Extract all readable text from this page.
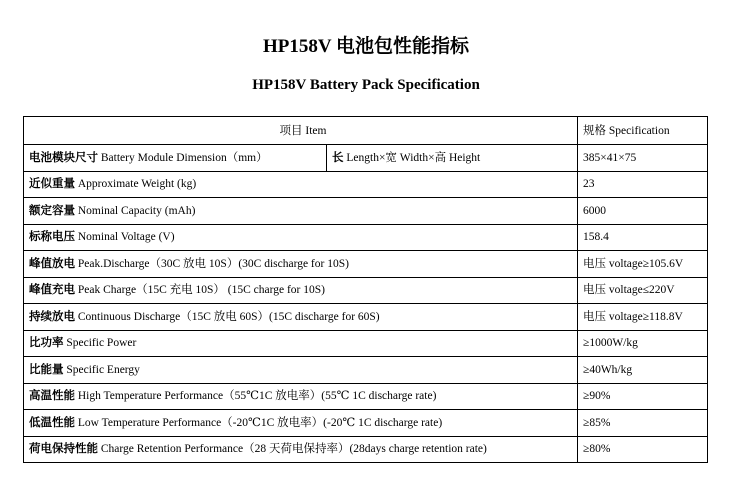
HP158V 电池包性能指标
HP158V Battery Pack Specification
项目 Item		规格 Specification
电池模块尺寸 Battery Module Dimension（mm）	长 Length×宽 Width×高 Height	385×41×75
近似重量 Approximate Weight (kg)		23
额定容量 Nominal Capacity (mAh)		6000
标称电压 Nominal Voltage (V)		158.4
峰值放电 Peak.Discharge（30C 放电 10S）(30C discharge for 10S)		电压 voltage≥105.6V
峰值充电 Peak Charge（15C 充电 10S） (15C charge for 10S)		电压 voltage≤220V
持续放电 Continuous Discharge（15C 放电 60S）(15C discharge for 60S)		电压 voltage≥118.8V
比功率 Specific Power		≥1000W/kg
比能量 Specific Energy		≥40Wh/kg
高温性能 High Temperature Performance（55℃1C 放电率）(55℃ 1C discharge rate)		≥90%
低温性能 Low Temperature Performance（-20℃1C 放电率）(-20℃ 1C discharge rate)		≥85%
荷电保持性能 Charge Retention Performance（28 天荷电保持率）(28days charge retention rate)		≥80%
